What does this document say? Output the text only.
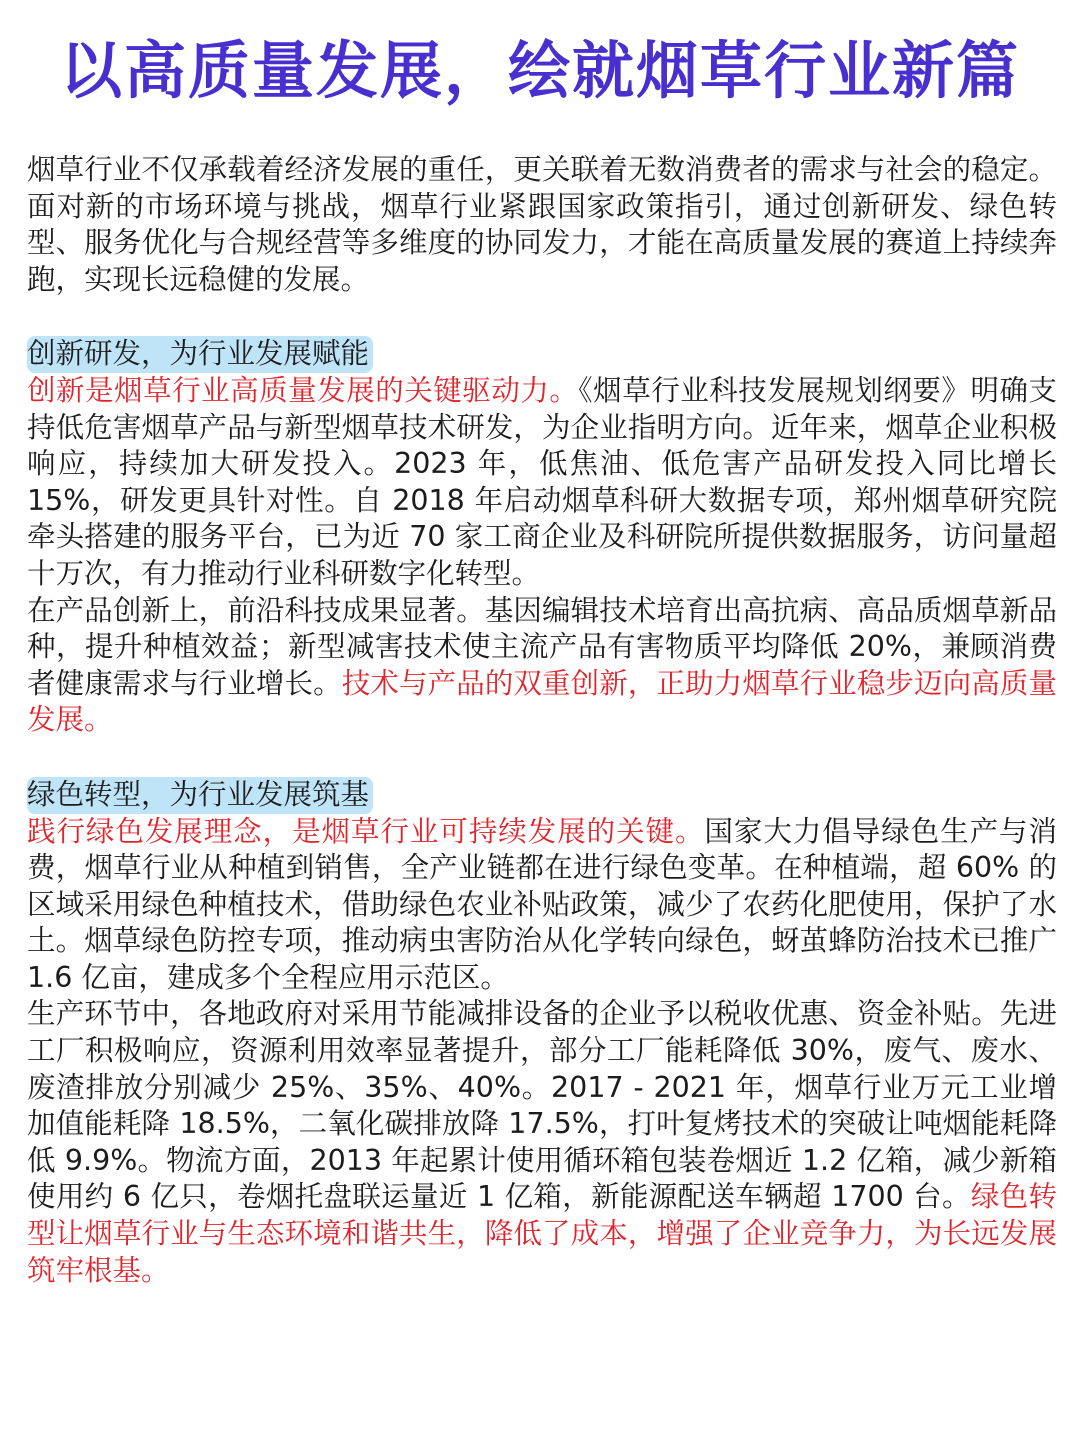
以高质量发展，绘就烟草行业新篇

烟草行业不仅承载着经济发展的重任，更关联着无数消费者的需求与社会的稳定。面对新的市场环境与挑战，烟草行业紧跟国家政策指引，通过创新研发、绿色转型、服务优化与合规经营等多维度的协同发力，才能在高质量发展的赛道上持续奔跑，实现长远稳健的发展。

创新研发，为行业发展赋能

创新是烟草行业高质量发展的关键驱动力。《烟草行业科技发展规划纲要》明确支持低危害烟草产品与新型烟草技术研发，为企业指明方向。近年来，烟草企业积极响应，持续加大研发投入。2023 年，低焦油、低危害产品研发投入同比增长 15%，研发更具针对性。自 2018 年启动烟草科研大数据专项，郑州烟草研究院牵头搭建的服务平台，已为近 70 家工商企业及科研院所提供数据服务，访问量超十万次，有力推动行业科研数字化转型。

在产品创新上，前沿科技成果显著。基因编辑技术培育出高抗病、高品质烟草新品种，提升种植效益；新型减害技术使主流产品有害物质平均降低 20%，兼顾消费者健康需求与行业增长。技术与产品的双重创新，正助力烟草行业稳步迈向高质量发展。

绿色转型，为行业发展筑基

践行绿色发展理念，是烟草行业可持续发展的关键。国家大力倡导绿色生产与消费，烟草行业从种植到销售，全产业链都在进行绿色变革。在种植端，超 60% 的区域采用绿色种植技术，借助绿色农业补贴政策，减少了农药化肥使用，保护了水土。烟草绿色防控专项，推动病虫害防治从化学转向绿色，蚜茧蜂防治技术已推广 1.6 亿亩，建成多个全程应用示范区。

生产环节中，各地政府对采用节能减排设备的企业予以税收优惠、资金补贴。先进工厂积极响应，资源利用效率显著提升，部分工厂能耗降低 30%，废气、废水、废渣排放分别减少 25%、35%、40%。2017 - 2021 年，烟草行业万元工业增加值能耗降 18.5%，二氧化碳排放降 17.5%，打叶复烤技术的突破让吨烟能耗降低 9.9%。物流方面，2013 年起累计使用循环箱包装卷烟近 1.2 亿箱，减少新箱使用约 6 亿只，卷烟托盘联运量近 1 亿箱，新能源配送车辆超 1700 台。绿色转型让烟草行业与生态环境和谐共生，降低了成本，增强了企业竞争力，为长远发展筑牢根基。
